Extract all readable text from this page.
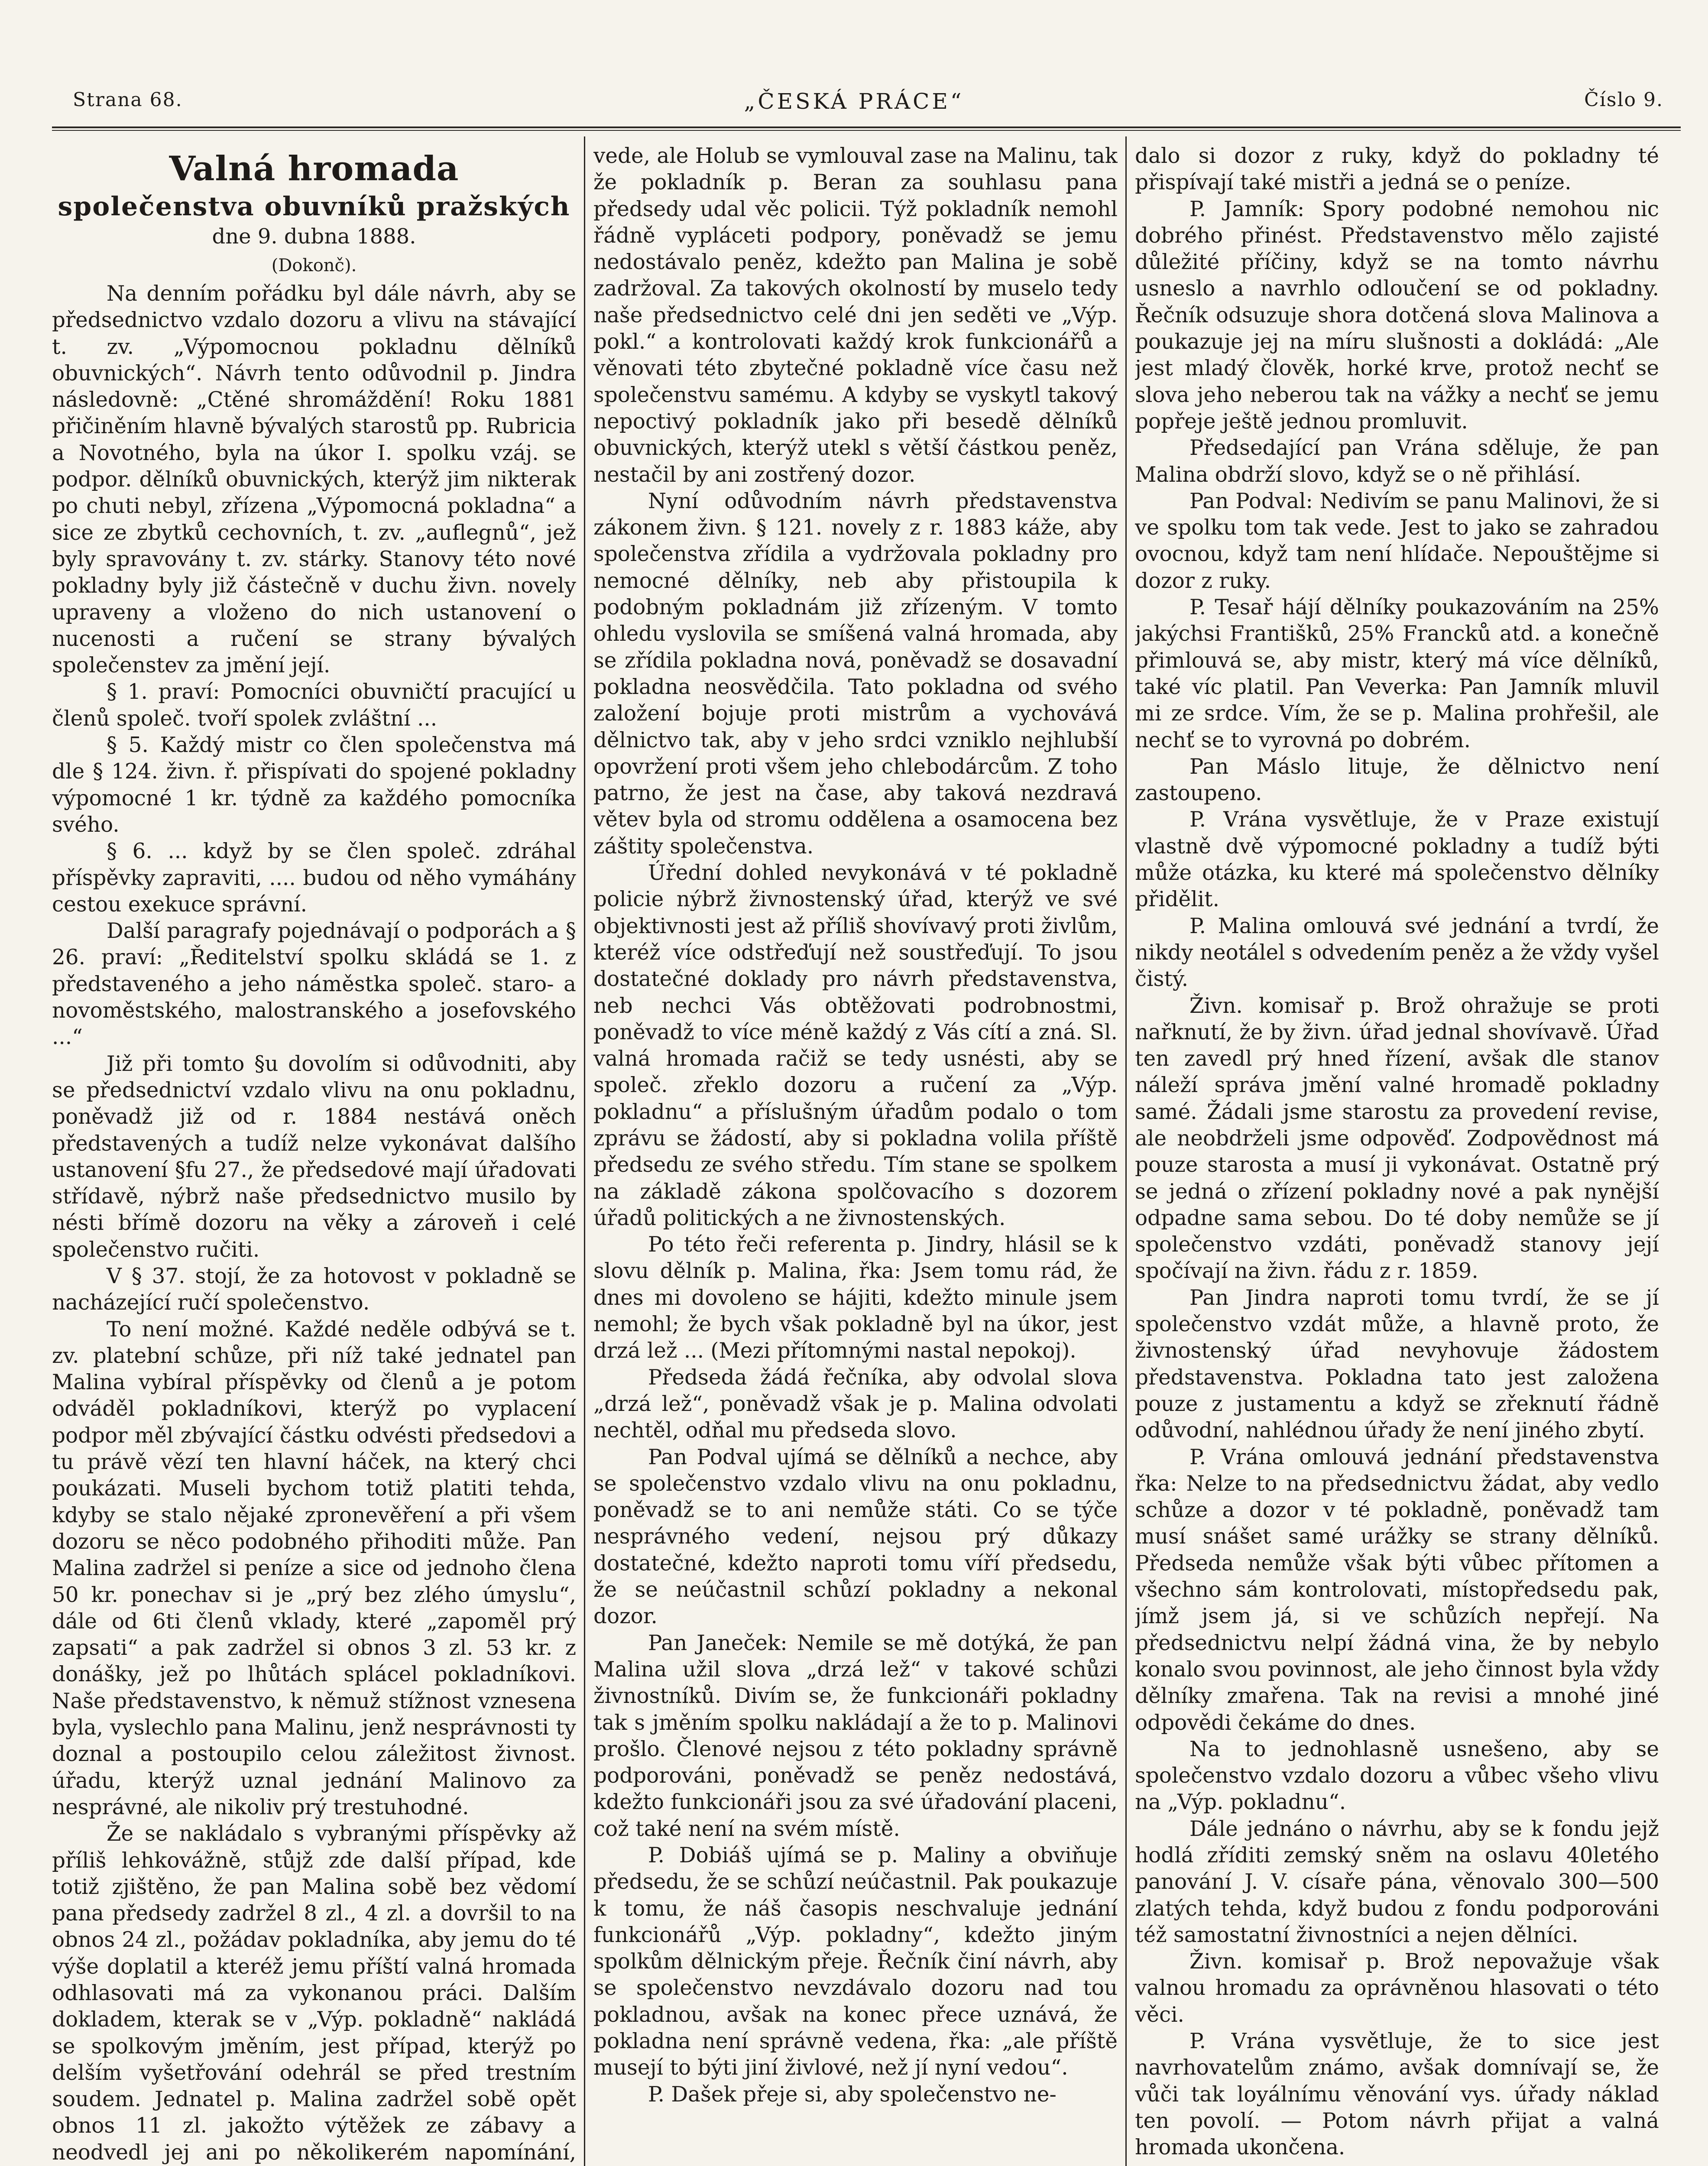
Strana 68.	„ČESKÁ PRÁCE“	Číslo 9.
Valná hromada
společenstva obuvníků pražských
dne 9. dubna 1888.
(Dokonč).

Na denním pořádku byl dále návrh, aby se předsednictvo vzdalo dozoru a vlivu na stávající t. zv. „Výpomocnou pokladnu dělníků obuvnických“. Návrh tento odůvodnil p. Jindra následovně: „Ctěné shromáždění! Roku 1881 přičiněním hlavně bývalých starostů pp. Rubricia a Novotného, byla na úkor I. spolku vzáj. se podpor. dělníků obuvnických, kterýž jim nikterak po chuti nebyl, zřízena „Výpomocná pokladna“ a sice ze zbytků cechovních, t. zv. „auflegnů“, jež byly spravovány t. zv. stárky. Stanovy této nové pokladny byly již částečně v duchu živn. novely upraveny a vloženo do nich ustanovení o nucenosti a ručení se strany bývalých společenstev za jmění její.

§ 1. praví: Pomocníci obuvničtí pracující u členů společ. tvoří spolek zvláštní ...

§ 5. Každý mistr co člen společenstva má dle § 124. živn. ř. přispívati do spojené pokladny výpomocné 1 kr. týdně za každého pomocníka svého.

§ 6. ... když by se člen společ. zdráhal příspěvky zapraviti, .... budou od něho vymáhány cestou exekuce správní.

Další paragrafy pojednávají o podporách a § 26. praví: „Ředitelství spolku skládá se 1. z představeného a jeho náměstka společ. staro- a novoměstského, malostranského a josefovského ...“

Již při tomto §u dovolím si odůvodniti, aby se předsednictví vzdalo vlivu na onu pokladnu, poněvadž již od r. 1884 nestává oněch představených a tudíž nelze vykonávat dalšího ustanovení §fu 27., že předsedové mají úřadovati střídavě, nýbrž naše předsednictvo musilo by nésti břímě dozoru na věky a zároveň i celé společenstvo ručiti.

V § 37. stojí, že za hotovost v pokladně se nacházející ručí společenstvo.

To není možné. Každé neděle odbývá se t. zv. platební schůze, při níž také jednatel pan Malina vybíral příspěvky od členů a je potom odváděl pokladníkovi, kterýž po vyplacení podpor měl zbývající částku odvésti předsedovi a tu právě vězí ten hlavní háček, na který chci poukázati. Museli bychom totiž platiti tehda, kdyby se stalo nějaké zpronevěření a při všem dozoru se něco podobného přihoditi může. Pan Malina zadržel si peníze a sice od jednoho člena 50 kr. ponechav si je „prý bez zlého úmyslu“, dále od 6ti členů vklady, které „zapoměl prý zapsati“ a pak zadržel si obnos 3 zl. 53 kr. z donášky, jež po lhůtách splácel pokladníkovi. Naše představenstvo, k němuž stížnost vznesena byla, vyslechlo pana Malinu, jenž nesprávnosti ty doznal a postoupilo celou záležitost živnost. úřadu, kterýž uznal jednání Malinovo za nesprávné, ale nikoliv prý trestuhodné.

Že se nakládalo s vybranými příspěvky až příliš lehkovážně, stůjž zde další případ, kde totiž zjištěno, že pan Malina sobě bez vědomí pana předsedy zadržel 8 zl., 4 zl. a dovršil to na obnos 24 zl., požádav pokladníka, aby jemu do té výše doplatil a kteréž jemu příští valná hromada odhlasovati má za vykonanou práci. Dalším dokladem, kterak se v „Výp. pokladně“ nakládá se spolkovým jměním, jest případ, kterýž po delším vyšetřování odehrál se před trestním soudem. Jednatel p. Malina zadržel sobě opět obnos 11 zl. jakožto výtěžek ze zábavy a neodvedl jej ani po několikerém napomínání,

vede, ale Holub se vymlouval zase na Malinu, tak že pokladník p. Beran za souhlasu pana předsedy udal věc policii. Týž pokladník nemohl řádně vypláceti podpory, poněvadž se jemu nedostávalo peněz, kdežto pan Malina je sobě zadržoval. Za takových okolností by muselo tedy naše předsednictvo celé dni jen seděti ve „Výp. pokl.“ a kontrolovati každý krok funkcionářů a věnovati této zbytečné pokladně více času než společenstvu samému. A kdyby se vyskytl takový nepoctivý pokladník jako při besedě dělníků obuvnických, kterýž utekl s větší částkou peněz, nestačil by ani zostřený dozor.

Nyní odůvodním návrh představenstva zákonem živn. § 121. novely z r. 1883 káže, aby společenstva zřídila a vydržovala pokladny pro nemocné dělníky, neb aby přistoupila k podobným pokladnám již zřízeným. V tomto ohledu vyslovila se smíšená valná hromada, aby se zřídila pokladna nová, poněvadž se dosavadní pokladna neosvědčila. Tato pokladna od svého založení bojuje proti mistrům a vychovává dělnictvo tak, aby v jeho srdci vzniklo nejhlubší opovržení proti všem jeho chlebodárcům. Z toho patrno, že jest na čase, aby taková nezdravá větev byla od stromu oddělena a osamocena bez záštity společenstva.

Úřední dohled nevykonává v té pokladně policie nýbrž živnostenský úřad, kterýž ve své objektivnosti jest až příliš shovívavý proti živlům, kteréž více odstřeďují než soustřeďují. To jsou dostatečné doklady pro návrh představenstva, neb nechci Vás obtěžovati podrobnostmi, poněvadž to více méně každý z Vás cítí a zná. Sl. valná hromada račiž se tedy usnésti, aby se společ. zřeklo dozoru a ručení za „Výp. pokladnu“ a příslušným úřadům podalo o tom zprávu se žádostí, aby si pokladna volila příště předsedu ze svého středu. Tím stane se spolkem na základě zákona spolčovacího s dozorem úřadů politických a ne živnostenských.

Po této řeči referenta p. Jindry, hlásil se k slovu dělník p. Malina, řka: Jsem tomu rád, že dnes mi dovoleno se hájiti, kdežto minule jsem nemohl; že bych však pokladně byl na úkor, jest drzá lež ... (Mezi přítomnými nastal nepokoj).

Předseda žádá řečníka, aby odvolal slova „drzá lež“, poněvadž však je p. Malina odvolati nechtěl, odňal mu předseda slovo.

Pan Podval ujímá se dělníků a nechce, aby se společenstvo vzdalo vlivu na onu pokladnu, poněvadž se to ani nemůže státi. Co se týče nesprávného vedení, nejsou prý důkazy dostatečné, kdežto naproti tomu víří předsedu, že se neúčastnil schůzí pokladny a nekonal dozor.

Pan Janeček: Nemile se mě dotýká, že pan Malina užil slova „drzá lež“ v takové schůzi živnostníků. Divím se, že funkcionáři pokladny tak s jměním spolku nakládají a že to p. Malinovi prošlo. Členové nejsou z této pokladny správně podporováni, poněvadž se peněz nedostává, kdežto funkcionáři jsou za své úřadování placeni, což také není na svém místě.

P. Dobiáš ujímá se p. Maliny a obviňuje předsedu, že se schůzí neúčastnil. Pak poukazuje k tomu, že náš časopis neschvaluje jednání funkcionářů „Výp. pokladny“, kdežto jiným spolkům dělnickým přeje. Řečník činí návrh, aby se společenstvo nevzdávalo dozoru nad tou pokladnou, avšak na konec přece uznává, že pokladna není správně vedena, řka: „ale příště musejí to býti jiní živlové, než jí nyní vedou“.

P. Dašek přeje si, aby společenstvo ne-

dalo si dozor z ruky, když do pokladny té přispívají také mistři a jedná se o peníze.

P. Jamník: Spory podobné nemohou nic dobrého přinést. Představenstvo mělo zajisté důležité příčiny, když se na tomto návrhu usneslo a navrhlo odloučení se od pokladny. Řečník odsuzuje shora dotčená slova Malinova a poukazuje jej na míru slušnosti a dokládá: „Ale jest mladý člověk, horké krve, protož nechť se slova jeho neberou tak na vážky a nechť se jemu popřeje ještě jednou promluvit.

Předsedající pan Vrána sděluje, že pan Malina obdrží slovo, když se o ně přihlásí.

Pan Podval: Nedivím se panu Malinovi, že si ve spolku tom tak vede. Jest to jako se zahradou ovocnou, když tam není hlídače. Nepouštějme si dozor z ruky.

P. Tesař hájí dělníky poukazováním na 25% jakýchsi Františků, 25% Francků atd. a konečně přimlouvá se, aby mistr, který má více dělníků, také víc platil. Pan Veverka: Pan Jamník mluvil mi ze srdce. Vím, že se p. Malina prohřešil, ale nechť se to vyrovná po dobrém.

Pan Máslo lituje, že dělnictvo není zastoupeno.

P. Vrána vysvětluje, že v Praze existují vlastně dvě výpomocné pokladny a tudíž býti může otázka, ku které má společenstvo dělníky přidělit.

P. Malina omlouvá své jednání a tvrdí, že nikdy neotálel s odvedením peněz a že vždy vyšel čistý.

Živn. komisař p. Brož ohražuje se proti nařknutí, že by živn. úřad jednal shovívavě. Úřad ten zavedl prý hned řízení, avšak dle stanov náleží správa jmění valné hromadě pokladny samé. Žádali jsme starostu za provedení revise, ale neobdrželi jsme odpověď. Zodpovědnost má pouze starosta a musí ji vykonávat. Ostatně prý se jedná o zřízení pokladny nové a pak nynější odpadne sama sebou. Do té doby nemůže se jí společenstvo vzdáti, poněvadž stanovy její spočívají na živn. řádu z r. 1859.

Pan Jindra naproti tomu tvrdí, že se jí společenstvo vzdát může, a hlavně proto, že živnostenský úřad nevyhovuje žádostem představenstva. Pokladna tato jest založena pouze z justamentu a když se zřeknutí řádně odůvodní, nahlédnou úřady že není jiného zbytí.

P. Vrána omlouvá jednání představenstva řka: Nelze to na předsednictvu žádat, aby vedlo schůze a dozor v té pokladně, poněvadž tam musí snášet samé urážky se strany dělníků. Předseda nemůže však býti vůbec přítomen a všechno sám kontrolovati, místopředsedu pak, jímž jsem já, si ve schůzích nepřejí. Na předsednictvu nelpí žádná vina, že by nebylo konalo svou povinnost, ale jeho činnost byla vždy dělníky zmařena. Tak na revisi a mnohé jiné odpovědi čekáme do dnes.

Na to jednohlasně usnešeno, aby se společenstvo vzdalo dozoru a vůbec všeho vlivu na „Výp. pokladnu“.

Dále jednáno o návrhu, aby se k fondu jejž hodlá zříditi zemský sněm na oslavu 40letého panování J. V. císaře pána, věnovalo 300—500 zlatých tehda, když budou z fondu podporováni též samostatní živnostníci a nejen dělníci.

Živn. komisař p. Brož nepovažuje však valnou hromadu za oprávněnou hlasovati o této věci.

P. Vrána vysvětluje, že to sice jest navrhovatelům známo, avšak domnívají se, že vůči tak loyálnímu věnování vys. úřady náklad ten povolí. — Potom návrh přijat a valná hromada ukončena.
